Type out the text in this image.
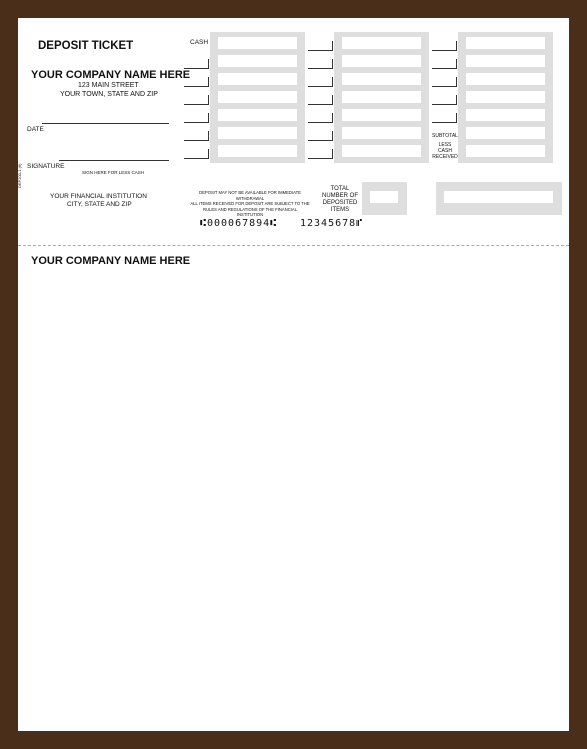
DEPOSIT TICKET
YOUR COMPANY NAME HERE
123 MAIN STREET
YOUR TOWN, STATE AND ZIP
DATE
SIGNATURE
SIGN HERE FOR LESS CASH
DEP200-1 (6)
YOUR FINANCIAL INSTITUTION
CITY, STATE AND ZIP
CASH
SUBTOTAL
LESS CASH RECEIVED
DEPOSIT MAY NOT BE AVAILABLE FOR IMMEDIATE WITHDRAWAL
ALL ITEMS RECEIVED FOR DEPOSIT ARE SUBJECT TO THE
RULES AND REGULATIONS OF THE FINANCIAL INSTITUTION
TOTAL NUMBER OF DEPOSITED ITEMS
⑆000067894⑆ 12345678⑈
YOUR COMPANY NAME HERE
